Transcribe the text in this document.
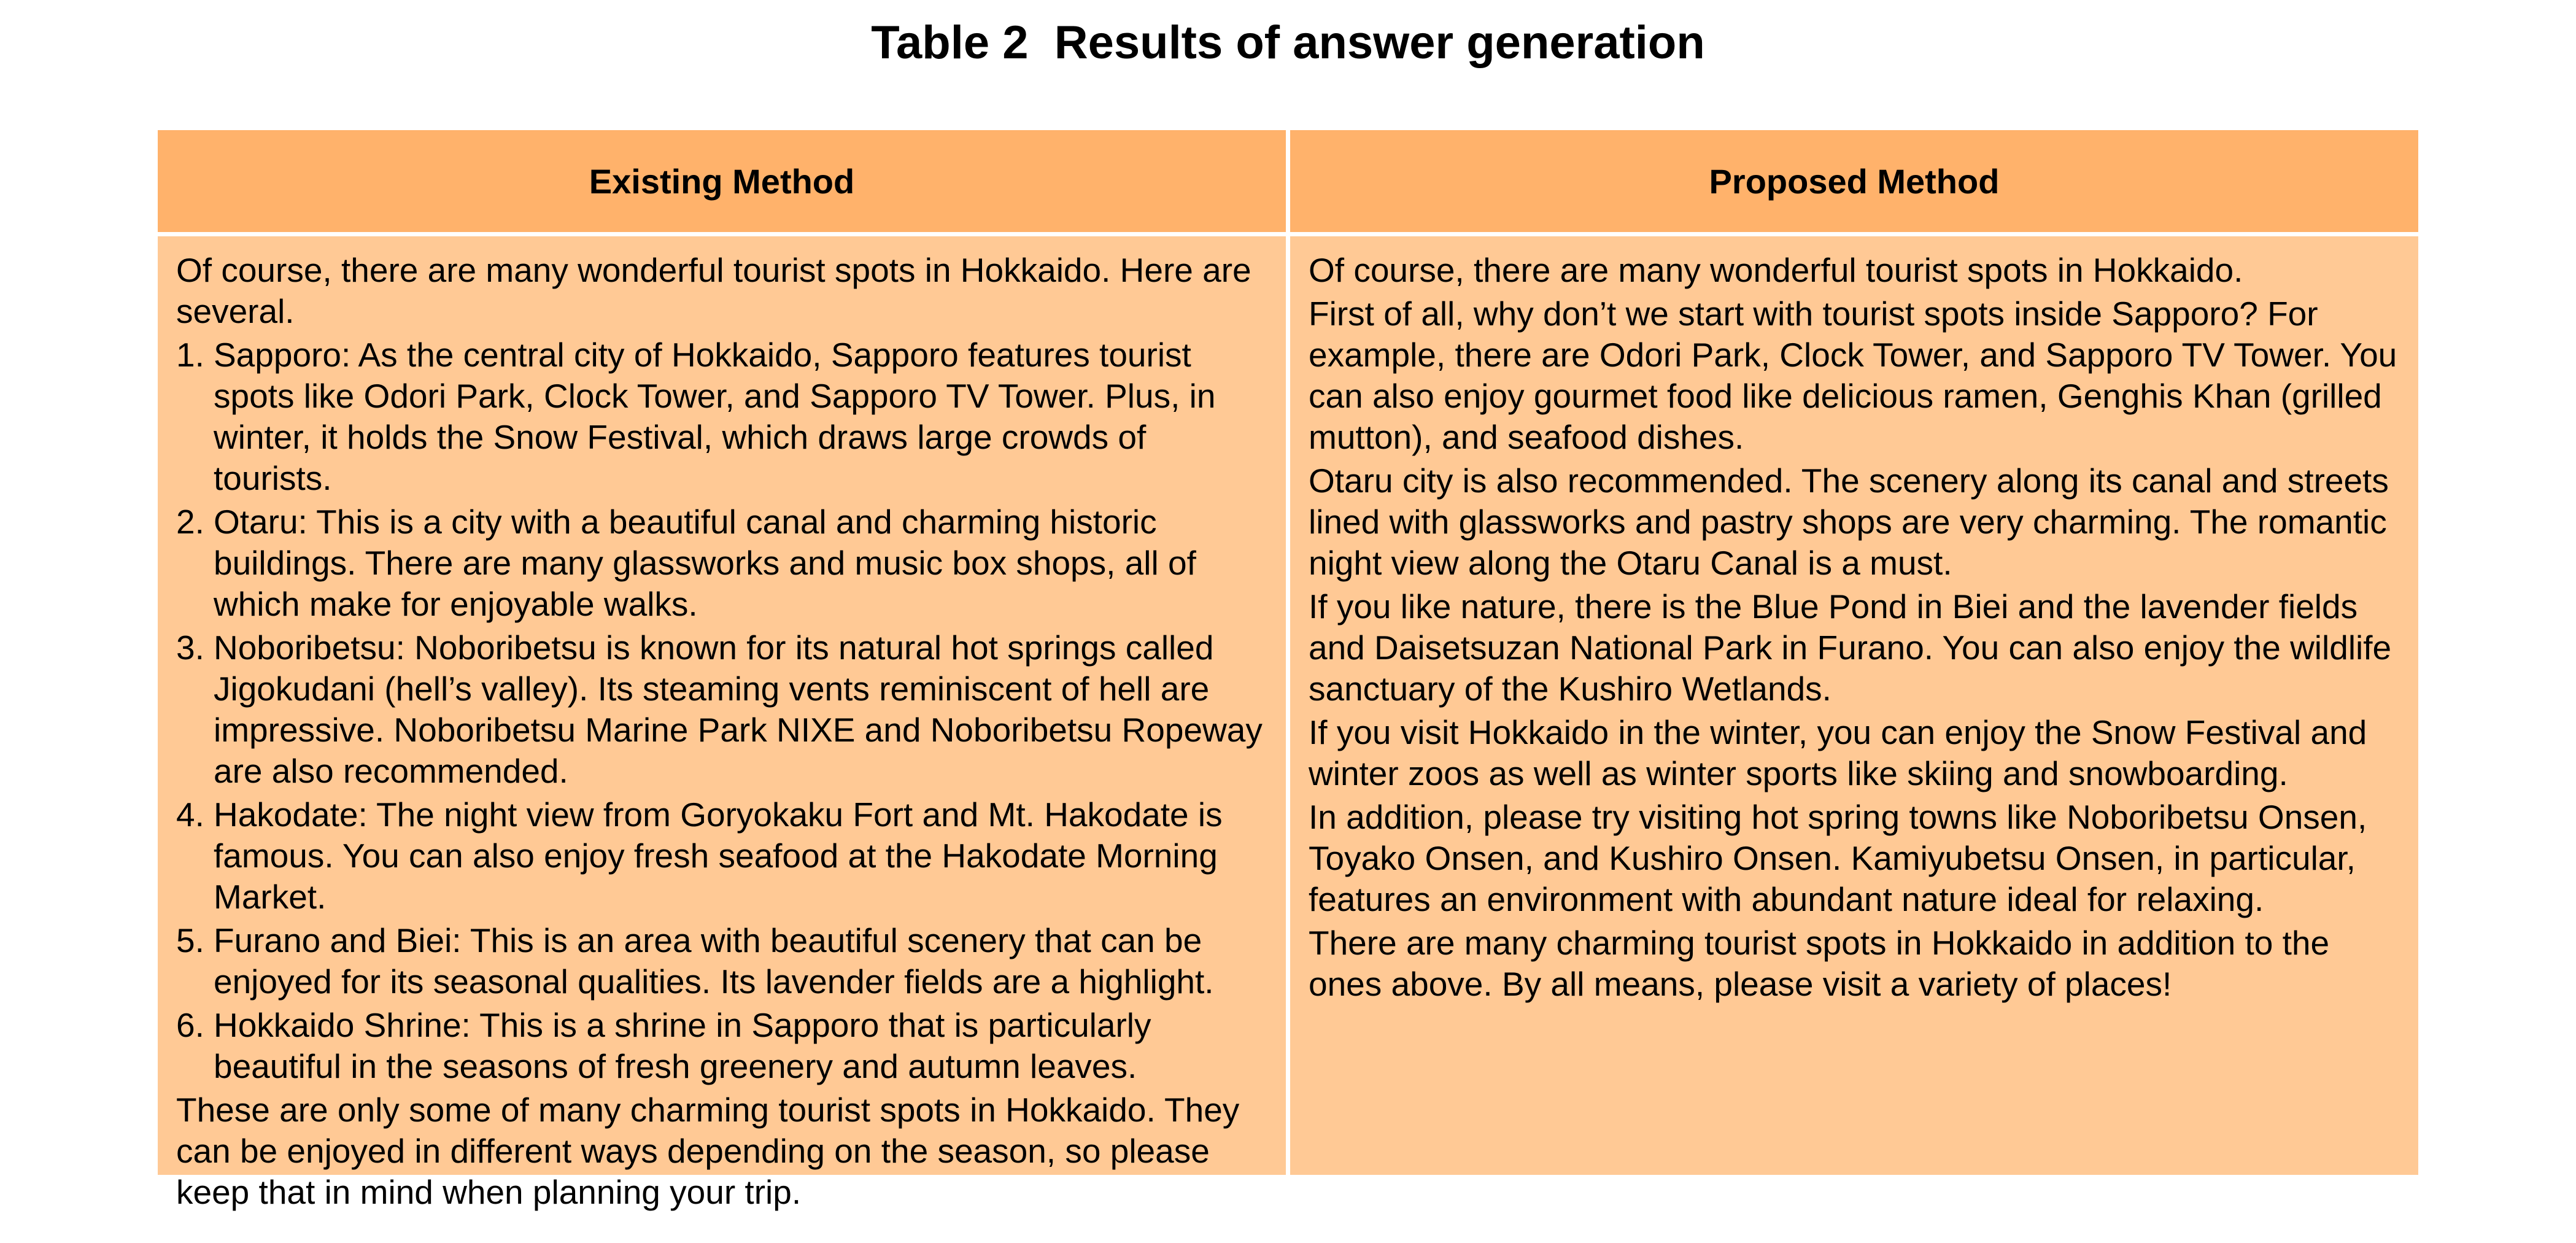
Table 2  Results of answer generation
Existing Method	Proposed Method

Of course, there are many wonderful tourist spots in Hokkaido. Here are several.

1. Sapporo: As the central city of Hokkaido, Sapporo features tourist spots like Odori Park, Clock Tower, and Sapporo TV Tower. Plus, in winter, it holds the Snow Festival, which draws large crowds of tourists.
2. Otaru: This is a city with a beautiful canal and charming historic buildings. There are many glassworks and music box shops, all of which make for enjoyable walks.
3. Noboribetsu: Noboribetsu is known for its natural hot springs called Jigokudani (hell’s valley). Its steaming vents reminiscent of hell are impressive. Noboribetsu Marine Park NIXE and Noboribetsu Ropeway are also recommended.
4. Hakodate: The night view from Goryokaku Fort and Mt. Hakodate is famous. You can also enjoy fresh seafood at the Hakodate Morning Market.
5. Furano and Biei: This is an area with beautiful scenery that can be enjoyed for its seasonal qualities. Its lavender fields are a highlight.
6. Hokkaido Shrine: This is a shrine in Sapporo that is particularly beautiful in the seasons of fresh greenery and autumn leaves.

These are only some of many charming tourist spots in Hokkaido. They can be enjoyed in different ways depending on the season, so please keep that in mind when planning your trip.

Of course, there are many wonderful tourist spots in Hokkaido.

First of all, why don’t we start with tourist spots inside Sapporo? For example, there are Odori Park, Clock Tower, and Sapporo TV Tower. You can also enjoy gourmet food like delicious ramen, Genghis Khan (grilled mutton), and seafood dishes.

Otaru city is also recommended. The scenery along its canal and streets lined with glassworks and pastry shops are very charming. The romantic night view along the Otaru Canal is a must.

If you like nature, there is the Blue Pond in Biei and the lavender fields and Daisetsuzan National Park in Furano. You can also enjoy the wildlife sanctuary of the Kushiro Wetlands.

If you visit Hokkaido in the winter, you can enjoy the Snow Festival and winter zoos as well as winter sports like skiing and snowboarding.

In addition, please try visiting hot spring towns like Noboribetsu Onsen, Toyako Onsen, and Kushiro Onsen. Kamiyubetsu Onsen, in particular, features an environment with abundant nature ideal for relaxing.

There are many charming tourist spots in Hokkaido in addition to the ones above. By all means, please visit a variety of places!
